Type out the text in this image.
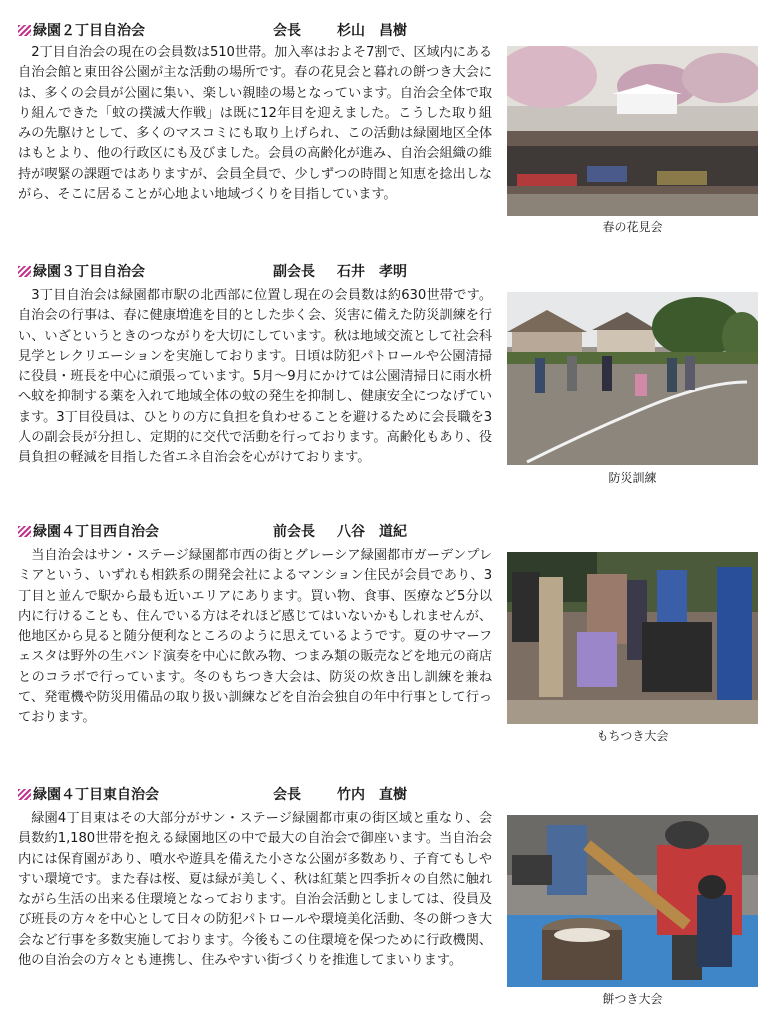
緑園２丁目自治会	会長	杉山　昌樹

2丁目自治会の現在の会員数は510世帯。加入率はおよそ7割で、区域内にある自治会館と東田谷公園が主な活動の場所です。春の花見会と暮れの餅つき大会には、多くの会員が公園に集い、楽しい親睦の場となっています。自治会全体で取り組んできた「蚊の撲滅大作戦」は既に12年目を迎えました。こうした取り組みの先駆けとして、多くのマスコミにも取り上げられ、この活動は緑園地区全体はもとより、他の行政区にも及びました。会員の高齢化が進み、自治会組織の維持が喫緊の課題ではありますが、会員全員で、少しずつの時間と知恵を捻出しながら、そこに居ることが心地よい地域づくりを目指しています。

春の花見会
緑園３丁目自治会	副会長 石井　孝明

3丁目自治会は緑園都市駅の北西部に位置し現在の会員数は約630世帯です。自治会の行事は、春に健康増進を目的とした歩く会、災害に備えた防災訓練を行い、いざというときのつながりを大切にしています。秋は地域交流として社会科見学とレクリエーションを実施しております。日頃は防犯パトロールや公園清掃に役員・班長を中心に頑張っています。5月～9月にかけては公園清掃日に雨水枡へ蚊を抑制する薬を入れて地域全体の蚊の発生を抑制し、健康安全につなげています。3丁目役員は、ひとりの方に負担を負わせることを避けるために会長職を3人の副会長が分担し、定期的に交代で活動を行っております。高齢化もあり、役員負担の軽減を目指した省エネ自治会を心がけております。

防災訓練
緑園４丁目西自治会	前会長 八谷　道紀

当自治会はサン・ステージ緑園都市西の街とグレーシア緑園都市ガーデンプレミアという、いずれも相鉄系の開発会社によるマンション住民が会員であり、3丁目と並んで駅から最も近いエリアにあります。買い物、食事、医療など5分以内に行けることも、住んでいる方はそれほど感じてはいないかもしれませんが、他地区から見ると随分便利なところのように思えているようです。夏のサマーフェスタは野外の生バンド演奏を中心に飲み物、つまみ類の販売などを地元の商店とのコラボで行っています。冬のもちつき大会は、防災の炊き出し訓練を兼ねて、発電機や防災用備品の取り扱い訓練などを自治会独自の年中行事として行っております。

もちつき大会
緑園４丁目東自治会	会長	竹内　直樹

緑園4丁目東はその大部分がサン・ステージ緑園都市東の街区域と重なり、会員数約1,180世帯を抱える緑園地区の中で最大の自治会で御座います。当自治会内には保育園があり、噴水や遊具を備えた小さな公園が多数あり、子育てもしやすい環境です。また春は桜、夏は緑が美しく、秋は紅葉と四季折々の自然に触れながら生活の出来る住環境となっております。自治会活動としましては、役員及び班長の方々を中心として日々の防犯パトロールや環境美化活動、冬の餅つき大会など行事を多数実施しております。今後もこの住環境を保つために行政機関、他の自治会の方々とも連携し、住みやすい街づくりを推進してまいります。

餅つき大会
